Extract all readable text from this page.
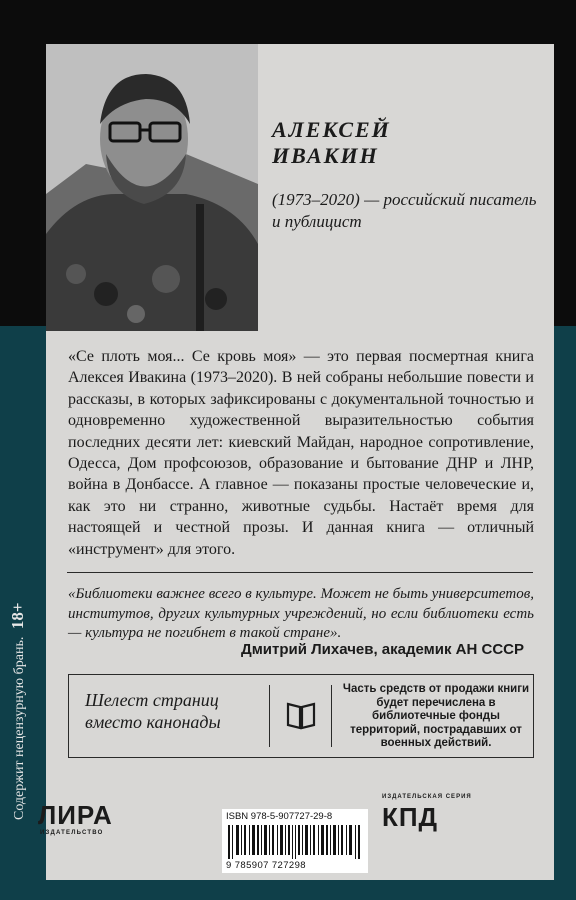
Содержит нецензурную брань. 18+
АЛЕКСЕЙ
ИВАКИН
(1973–2020) — российский писатель и публицист
«Се плоть моя... Се кровь моя» — это первая посмертная книга Алексея Ивакина (1973–2020). В ней собраны небольшие повести и рассказы, в которых зафиксированы с документальной точностью и одновременно художественной выразительностью события последних десяти лет: киевский Майдан, народное сопротивление, Одесса, Дом профсоюзов, образование и бытование ДНР и ЛНР, война в Донбассе. А главное — показаны простые человеческие и, как это ни странно, животные судьбы. Настаёт время для настоящей и честной прозы. И данная книга — отличный «инструмент» для этого.
«Библиотеки важнее всего в культуре. Может не быть университетов, институтов, других культурных учреждений, но если библиотеки есть — культура не погибнет в такой стране».
Дмитрий Лихачев, академик АН СССР
Шелест страниц вместо канонады
Часть средств от продажи книги будет перечислена в библиотечные фонды территорий, пострадавших от военных действий.
ISBN 978-5-907727-29-8
9 785907 727298
ЛИРА
ИЗДАТЕЛЬСТВО
ИЗДАТЕЛЬСКАЯ СЕРИЯ
КПД
